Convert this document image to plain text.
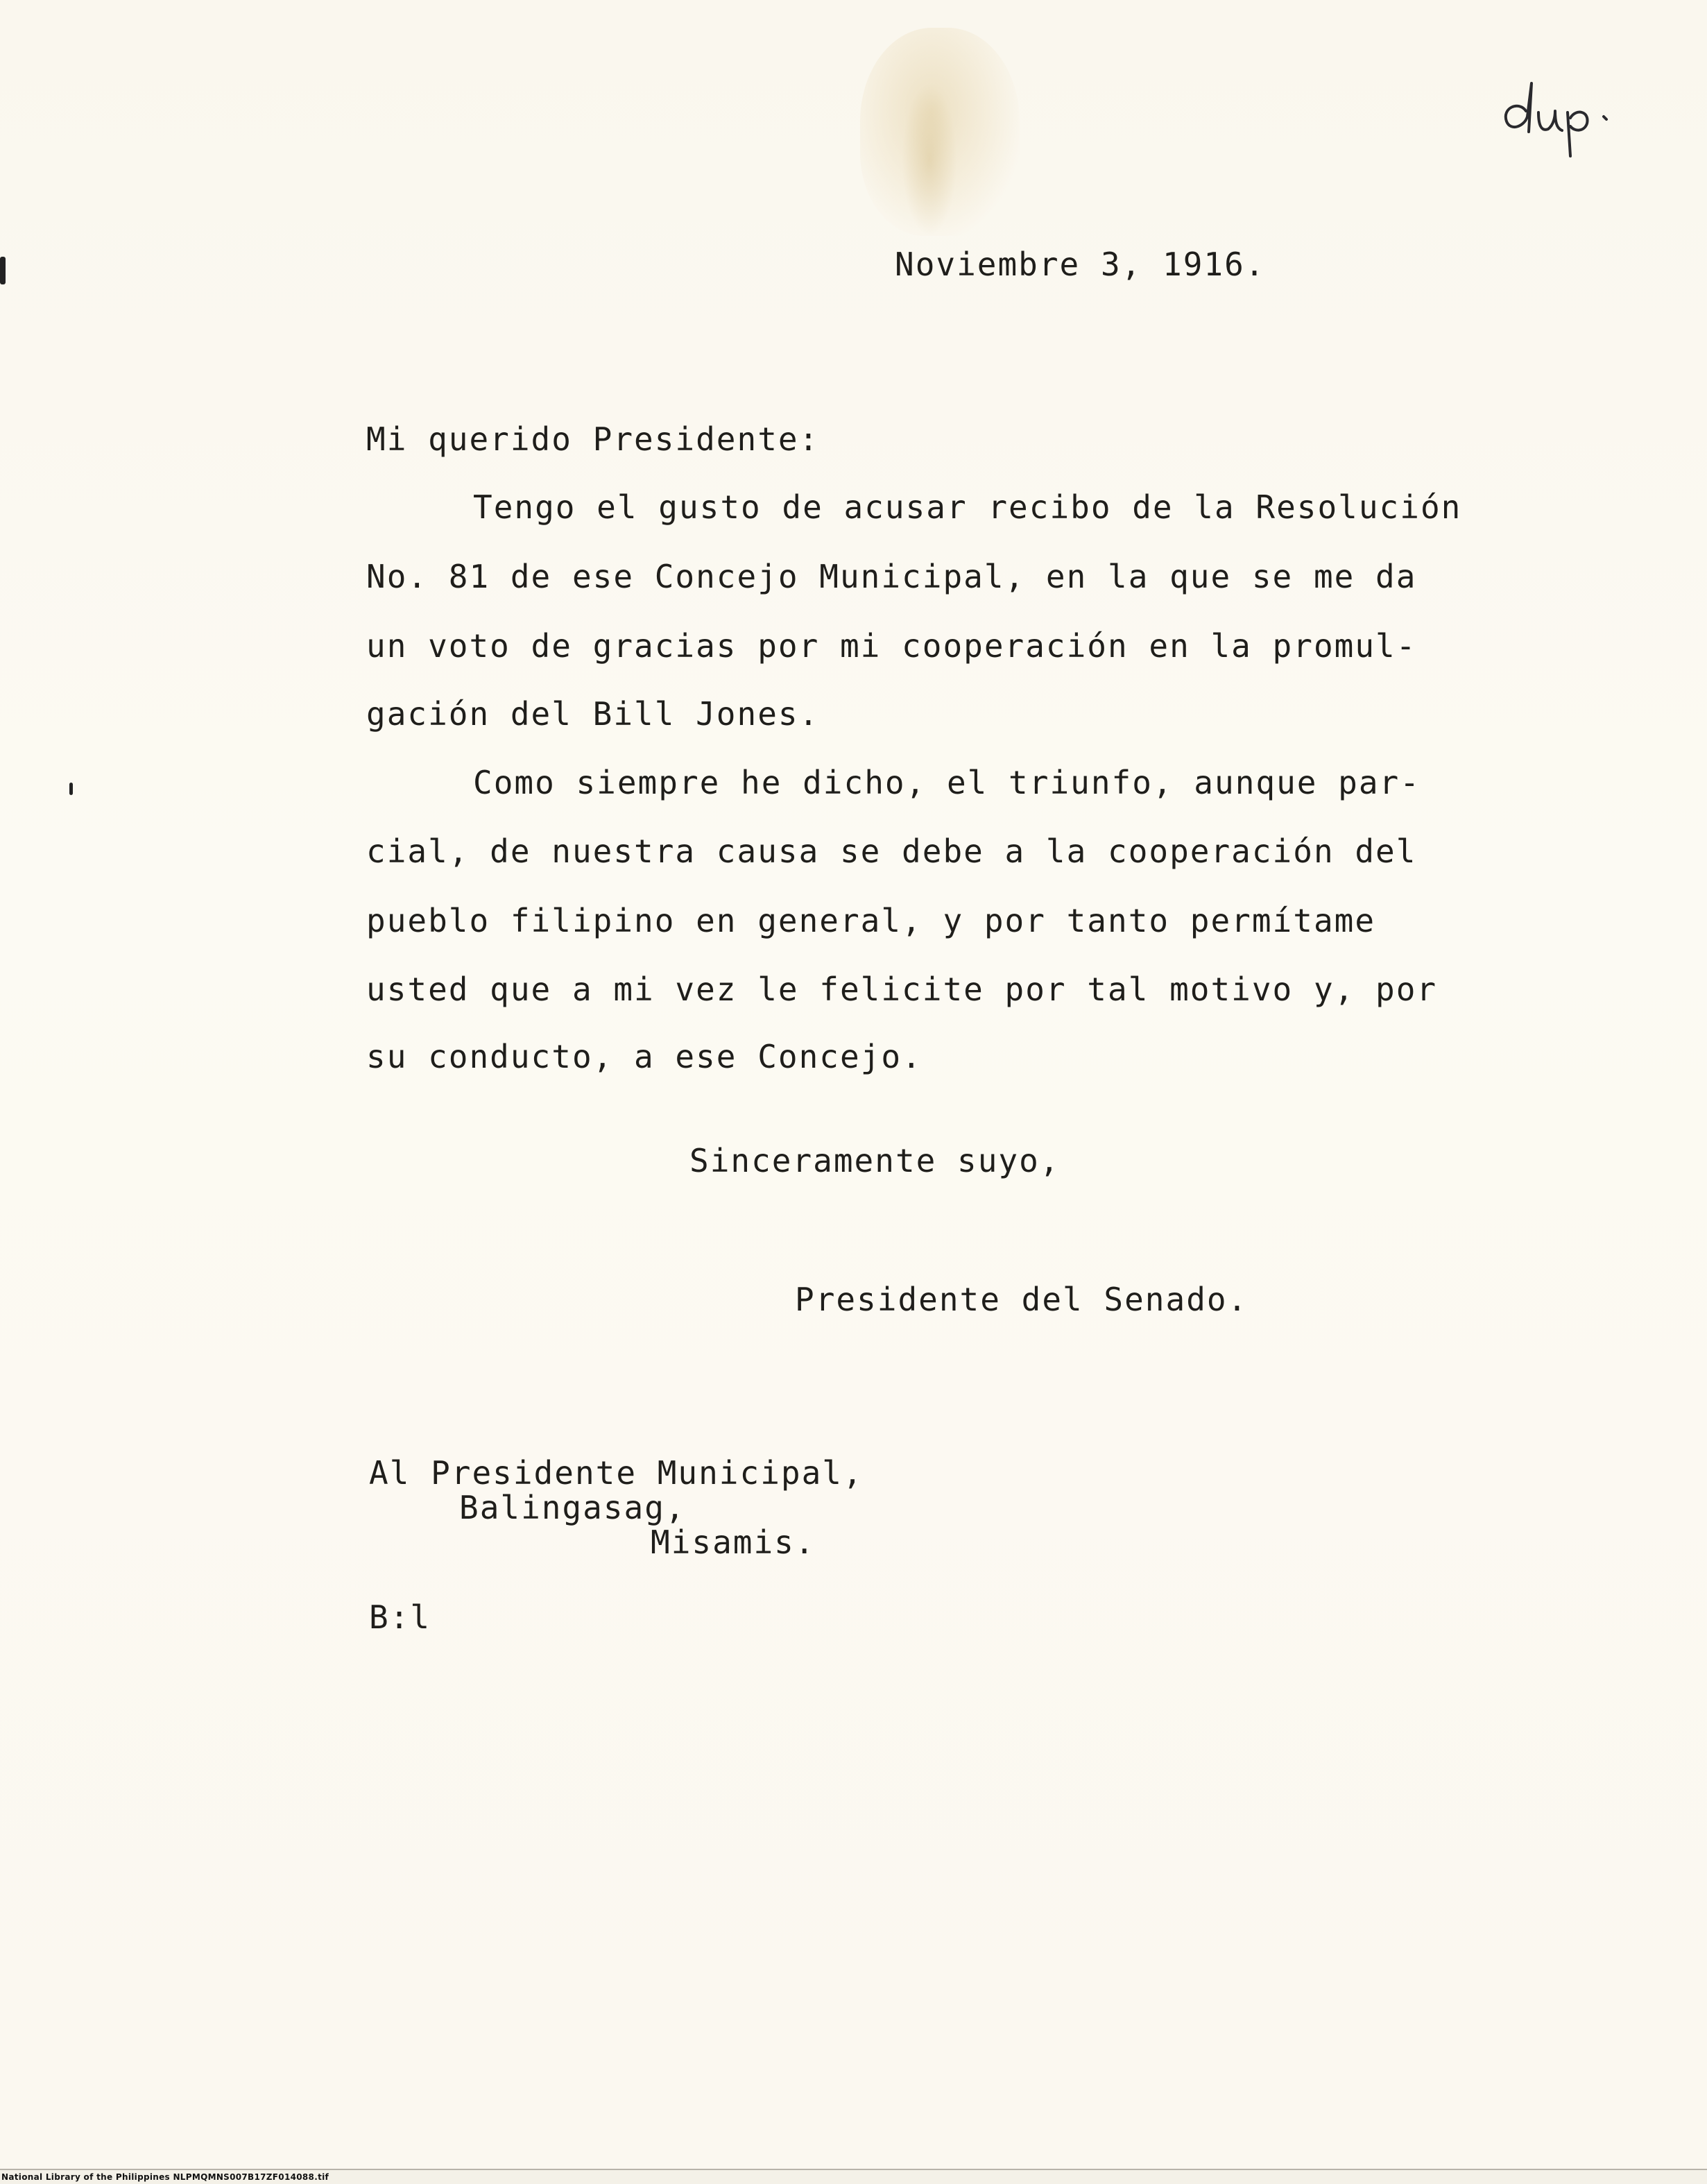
Noviembre 3, 1916.

Mi querido Presidente:

Tengo el gusto de acusar recibo de la Resolución

No. 81 de ese Concejo Municipal, en la que se me da

un voto de gracias por mi cooperación en la promul-

gación del Bill Jones.

Como siempre he dicho, el triunfo, aunque par-

cial, de nuestra causa se debe a la cooperación del

pueblo filipino en general, y por tanto permítame

usted que a mi vez le felicite por tal motivo y, por

su conducto, a ese Concejo.

Sinceramente suyo,

Presidente del Senado.

Al Presidente Municipal,

Balingasag,

Misamis.

B:l

National Library of the Philippines NLPMQMNS007B17ZF014088.tif
